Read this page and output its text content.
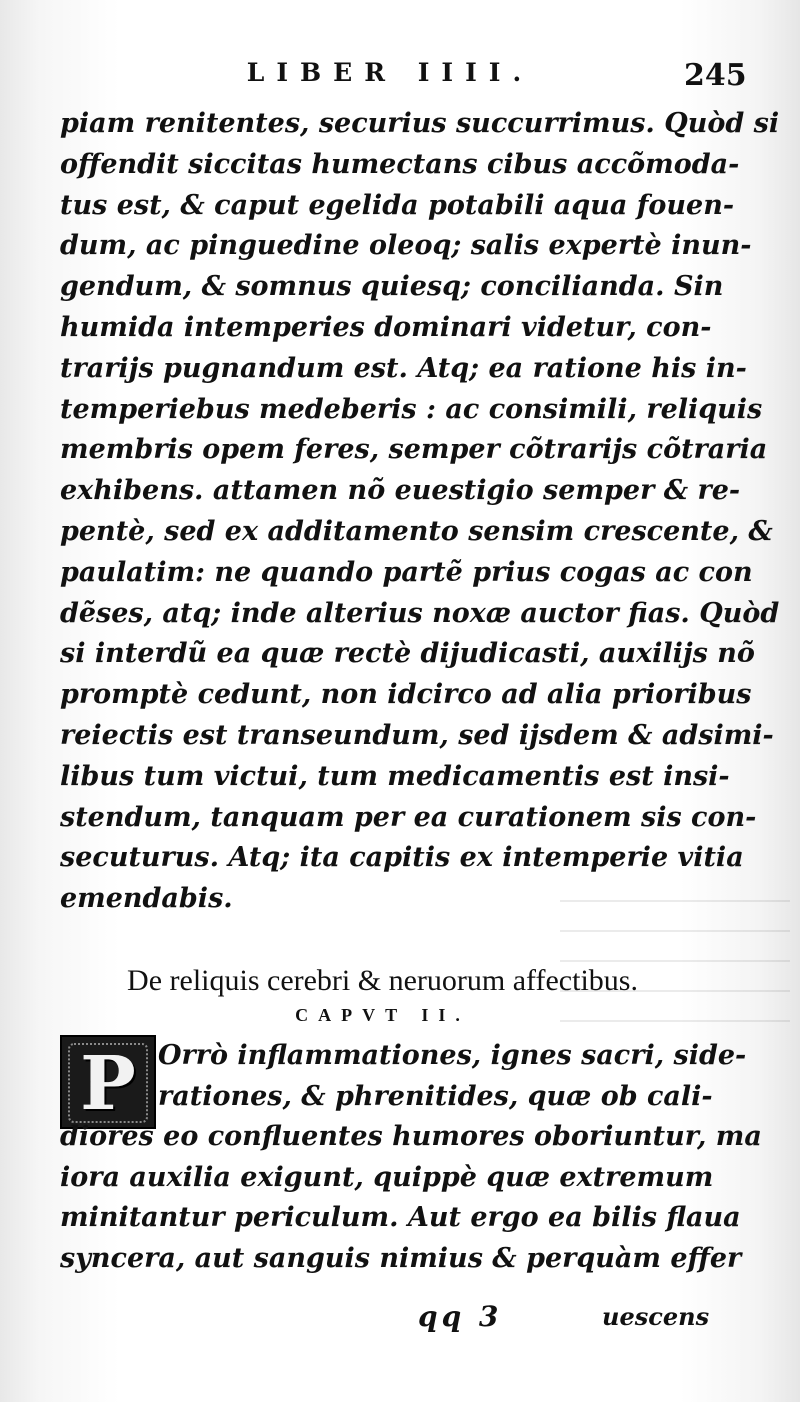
LIBER IIII.	245
piam renitentes, securius succurrimus. Quòd si
offendit siccitas humectans cibus accõmoda-
tus est, & caput egelida potabili aqua fouen-
dum, ac pinguedine oleoq; salis expertè inun-
gendum, & somnus quiesq; concilianda. Sin
humida intemperies dominari videtur, con-
trarijs pugnandum est. Atq; ea ratione his in-
temperiebus medeberis : ac consimili, reliquis
membris opem feres, semper cõtrarijs cõtraria
exhibens. attamen nõ euestigio semper & re-
pentè, sed ex additamento sensim crescente, &
paulatim: ne quando partẽ prius cogas ac con
dẽses, atq; inde alterius noxæ auctor fias. Quòd
si interdũ ea quæ rectè dijudicasti, auxilijs nõ
promptè cedunt, non idcirco ad alia prioribus
reiectis est transeundum, sed ijsdem & adsimi-
libus tum victui, tum medicamentis est insi-
stendum, tanquam per ea curationem sis con-
secuturus. Atq; ita capitis ex intemperie vitia
emendabis.
De reliquis cerebri & neruorum affectibus.
CAPVT II.
P Orrò inflammationes, ignes sacri, side-
rationes, & phrenitides, quæ ob cali-
diores eo confluentes humores oboriuntur, ma
iora auxilia exigunt, quippè quæ extremum
minitantur periculum. Aut ergo ea bilis flaua
syncera, aut sanguis nimius & perquàm effer
qq 3	uescens
